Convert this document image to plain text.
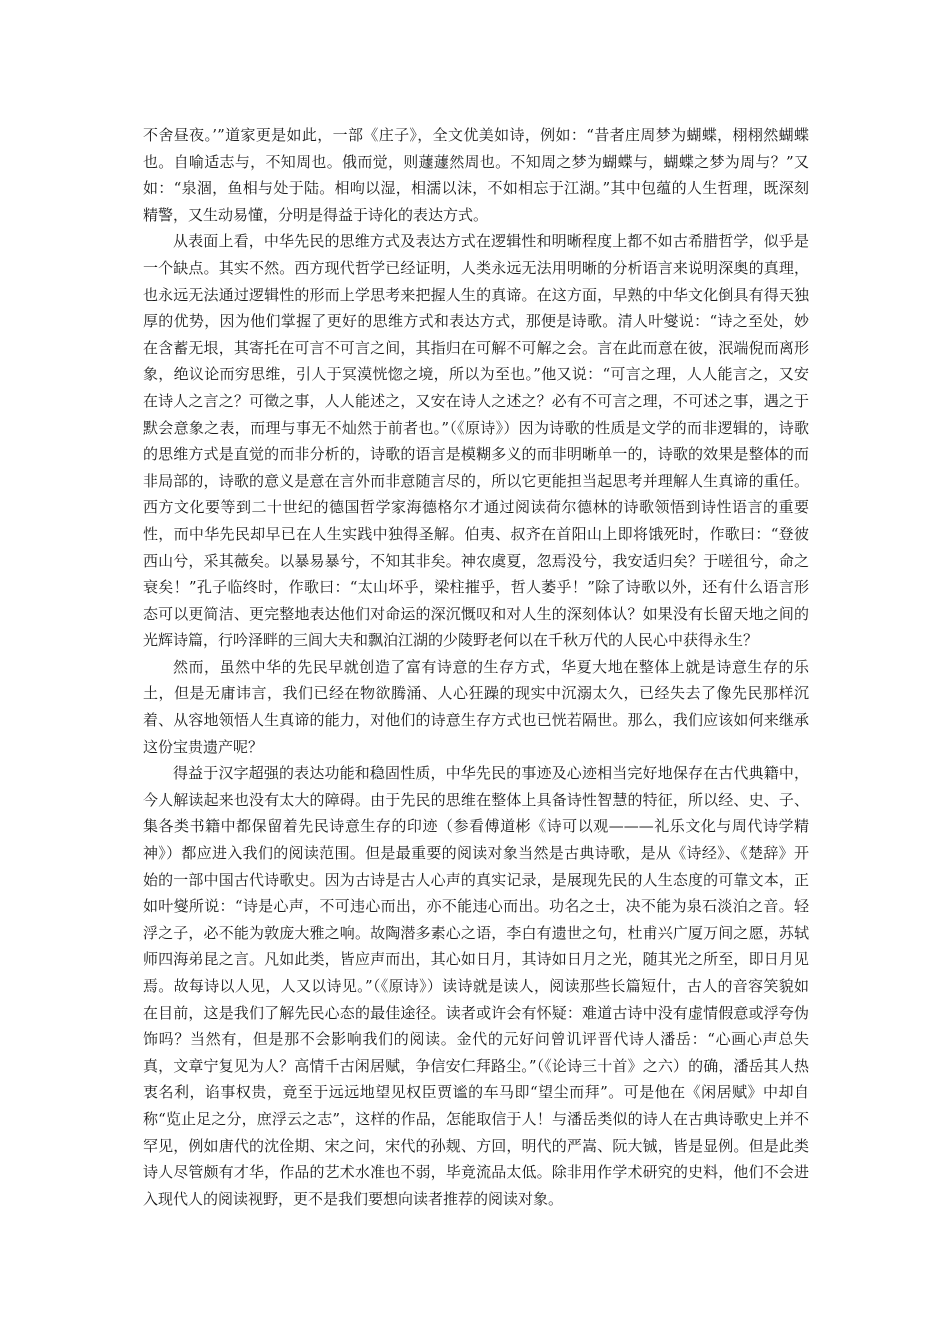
不舍昼夜。’”道家更是如此，一部《庄子》，全文优美如诗，例如：“昔者庄周梦为蝴蝶，栩栩然蝴蝶也。自喻适志与，不知周也。俄而觉，则蘧蘧然周也。不知周之梦为蝴蝶与，蝴蝶之梦为周与？”又如：“泉涸，鱼相与处于陆。相呴以湿，相濡以沫，不如相忘于江湖。”其中包蕴的人生哲理，既深刻精警，又生动易懂，分明是得益于诗化的表达方式。

从表面上看，中华先民的思维方式及表达方式在逻辑性和明晰程度上都不如古希腊哲学，似乎是一个缺点。其实不然。西方现代哲学已经证明，人类永远无法用明晰的分析语言来说明深奥的真理，也永远无法通过逻辑性的形而上学思考来把握人生的真谛。在这方面，早熟的中华文化倒具有得天独厚的优势，因为他们掌握了更好的思维方式和表达方式，那便是诗歌。清人叶燮说：“诗之至处，妙在含蓄无垠，其寄托在可言不可言之间，其指归在可解不可解之会。言在此而意在彼，泯端倪而离形象，绝议论而穷思维，引人于冥漠恍惚之境，所以为至也。”他又说：“可言之理，人人能言之，又安在诗人之言之？可徵之事，人人能述之，又安在诗人之述之？必有不可言之理，不可述之事，遇之于默会意象之表，而理与事无不灿然于前者也。”（《原诗》）因为诗歌的性质是文学的而非逻辑的，诗歌的思维方式是直觉的而非分析的，诗歌的语言是模糊多义的而非明晰单一的，诗歌的效果是整体的而非局部的，诗歌的意义是意在言外而非意随言尽的，所以它更能担当起思考并理解人生真谛的重任。西方文化要等到二十世纪的德国哲学家海德格尔才通过阅读荷尔德林的诗歌领悟到诗性语言的重要性，而中华先民却早已在人生实践中独得圣解。伯夷、叔齐在首阳山上即将饿死时，作歌曰：“登彼西山兮，采其薇矣。以暴易暴兮，不知其非矣。神农虞夏，忽焉没兮，我安适归矣？于嗟徂兮，命之衰矣！”孔子临终时，作歌曰：“太山坏乎，梁柱摧乎，哲人萎乎！”除了诗歌以外，还有什么语言形态可以更简洁、更完整地表达他们对命运的深沉慨叹和对人生的深刻体认？如果没有长留天地之间的光辉诗篇，行吟泽畔的三闾大夫和飘泊江湖的少陵野老何以在千秋万代的人民心中获得永生？

然而，虽然中华的先民早就创造了富有诗意的生存方式，华夏大地在整体上就是诗意生存的乐土，但是无庸讳言，我们已经在物欲腾涌、人心狂躁的现实中沉溺太久，已经失去了像先民那样沉着、从容地领悟人生真谛的能力，对他们的诗意生存方式也已恍若隔世。那么，我们应该如何来继承这份宝贵遗产呢？

得益于汉字超强的表达功能和稳固性质，中华先民的事迹及心迹相当完好地保存在古代典籍中，今人解读起来也没有太大的障碍。由于先民的思维在整体上具备诗性智慧的特征，所以经、史、子、集各类书籍中都保留着先民诗意生存的印迹（参看傅道彬《诗可以观———礼乐文化与周代诗学精神》）都应进入我们的阅读范围。但是最重要的阅读对象当然是古典诗歌，是从《诗经》、《楚辞》开始的一部中国古代诗歌史。因为古诗是古人心声的真实记录，是展现先民的人生态度的可靠文本，正如叶燮所说：“诗是心声，不可违心而出，亦不能违心而出。功名之士，决不能为泉石淡泊之音。轻浮之子，必不能为敦庞大雅之响。故陶潜多素心之语，李白有遗世之句，杜甫兴广厦万间之愿，苏轼师四海弟昆之言。凡如此类，皆应声而出，其心如日月，其诗如日月之光，随其光之所至，即日月见焉。故每诗以人见，人又以诗见。”（《原诗》）读诗就是读人，阅读那些长篇短什，古人的音容笑貌如在目前，这是我们了解先民心态的最佳途径。读者或许会有怀疑：难道古诗中没有虚情假意或浮夸伪饰吗？当然有，但是那不会影响我们的阅读。金代的元好问曾讥评晋代诗人潘岳：“心画心声总失真，文章宁复见为人？高情千古闲居赋，争信安仁拜路尘。”（《论诗三十首》之六）的确，潘岳其人热衷名利，谄事权贵，竟至于远远地望见权臣贾谧的车马即“望尘而拜”。可是他在《闲居赋》中却自称“览止足之分，庶浮云之志”，这样的作品，怎能取信于人！与潘岳类似的诗人在古典诗歌史上并不罕见，例如唐代的沈佺期、宋之问，宋代的孙觌、方回，明代的严嵩、阮大铖，皆是显例。但是此类诗人尽管颇有才华，作品的艺术水准也不弱，毕竟流品太低。除非用作学术研究的史料，他们不会进入现代人的阅读视野，更不是我们要想向读者推荐的阅读对象。
